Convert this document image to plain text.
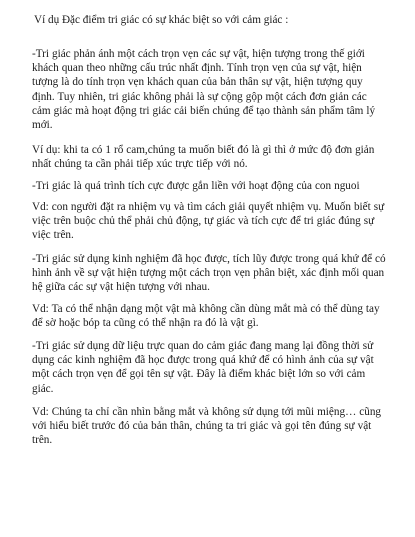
Ví dụ Đặc điểm tri giác có sự khác biệt so với cảm giác :

-Tri giác phản ánh một cách trọn vẹn các sự vật, hiện tượng trong thế giới khách quan theo những cấu trúc nhất định. Tính trọn vẹn của sự vật, hiện tượng là do tính trọn vẹn khách quan của bản thân sự vật, hiện tượng quy định. Tuy nhiên, tri giác không phải là sự cộng gộp một cách đơn giản các cảm giác mà hoạt động tri giác cải biến chúng để tạo thành sản phẩm tâm lý mới.

Ví dụ: khi ta có 1 rổ cam,chúng ta muốn biết đó là gì thì ở mức độ đơn giản nhất chúng ta cần phải tiếp xúc trực tiếp với nó.

-Tri giác là quá trình tích cực được gắn liền với hoạt động của con nguoi

Vd: con người đặt ra nhiệm vụ và tìm cách giải quyết nhiệm vụ. Muốn biết sự việc trên buộc chủ thể phải chủ động, tự giác và tích cực để tri giác đúng sự việc trên.

-Tri giác sử dụng kinh nghiệm đã học được, tích lũy được trong quá khứ để có hình ảnh về sự vật hiện tượng một cách trọn vẹn phân biệt, xác định mối quan hệ giữa các sự vật hiện tượng với nhau.

Vd: Ta có thể nhận dạng một vật mà không cần dùng mắt mà có thể dùng tay để sờ hoặc bóp ta cũng có thể nhận ra đó là vật gì.

-Tri giác sử dụng dữ liệu trực quan do cảm giác đang mang lại đồng thời sử dụng các kinh nghiệm đã học được trong quá khứ để có hình ảnh của sự vật một cách trọn vẹn để gọi tên sự vật. Đây là điểm khác biệt lớn so với cảm giác.

Vd: Chúng ta chỉ cần nhìn bằng mắt và không sử dụng tới mũi miệng… cũng với hiểu biết trước đó của bản thân, chúng ta tri giác và gọi tên đúng sự vật trên.
